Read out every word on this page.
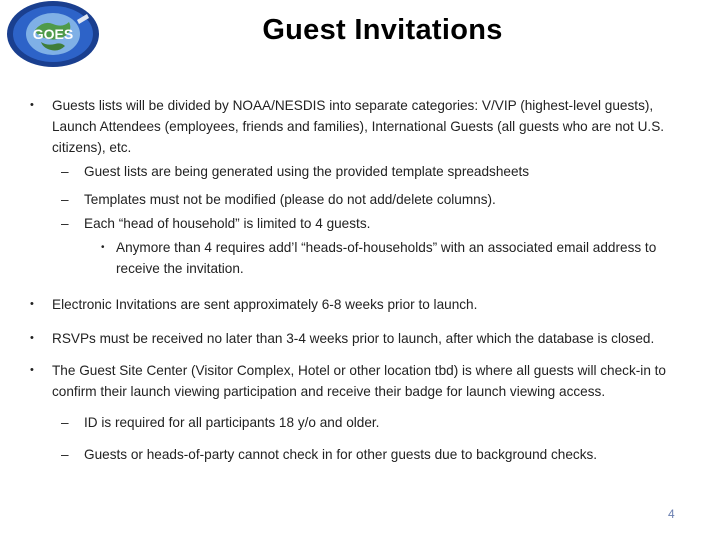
GOES	Guest Invitations
• Guests lists will be divided by NOAA/NESDIS into separate categories: V/VIP (highest-level guests), Launch Attendees (employees, friends and families), International Guests (all guests who are not U.S. citizens), etc.
– Guest lists are being generated using the provided template spreadsheets
– Templates must not be modified (please do not add/delete columns).
– Each “head of household” is limited to 4 guests.
• Anymore than 4 requires add’l “heads-of-households” with an associated email address to receive the invitation.
• Electronic Invitations are sent approximately 6-8 weeks prior to launch.
• RSVPs must be received no later than 3-4 weeks prior to launch, after which the database is closed.
• The Guest Site Center (Visitor Complex, Hotel or other location tbd) is where all guests will check-in to confirm their launch viewing participation and receive their badge for launch viewing access.
– ID is required for all participants 18 y/o and older.
– Guests or heads-of-party cannot check in for other guests due to background checks.
4
